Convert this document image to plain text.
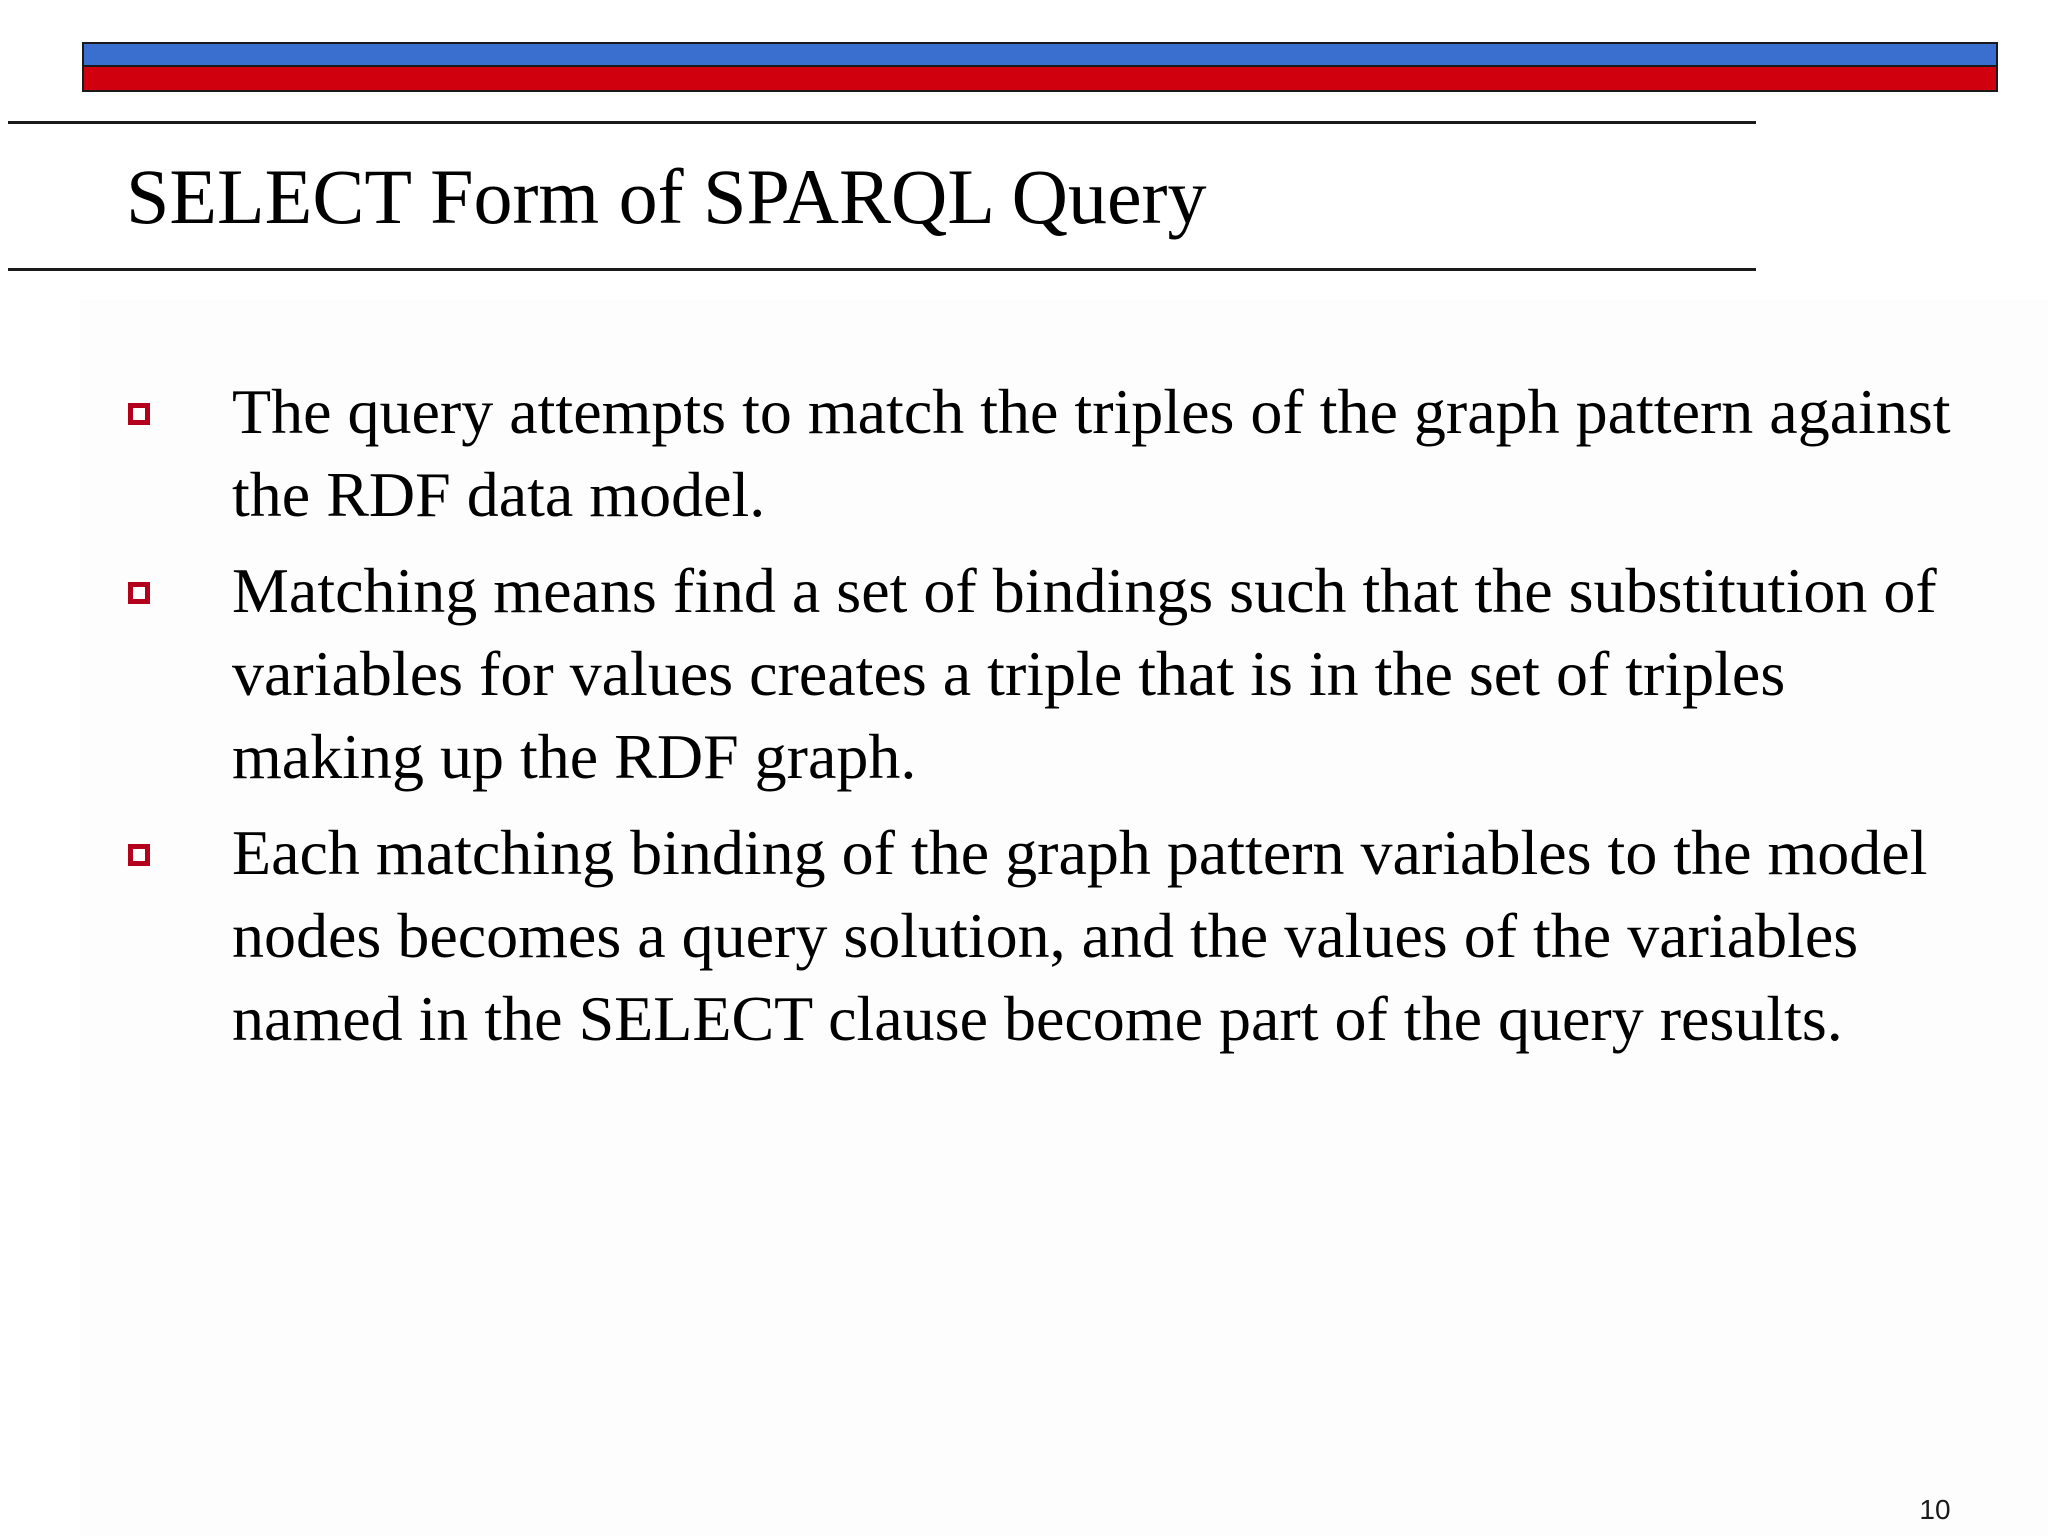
SELECT Form of SPARQL Query
The query attempts to match the triples of the graph pattern against the RDF data model.
Matching means find a set of bindings such that the substitution of variables for values creates a triple that is in the set of triples making up the RDF graph.
Each matching binding of the graph pattern variables to the model nodes becomes a query solution, and the values of the variables named in the SELECT clause become part of the query results.
10
